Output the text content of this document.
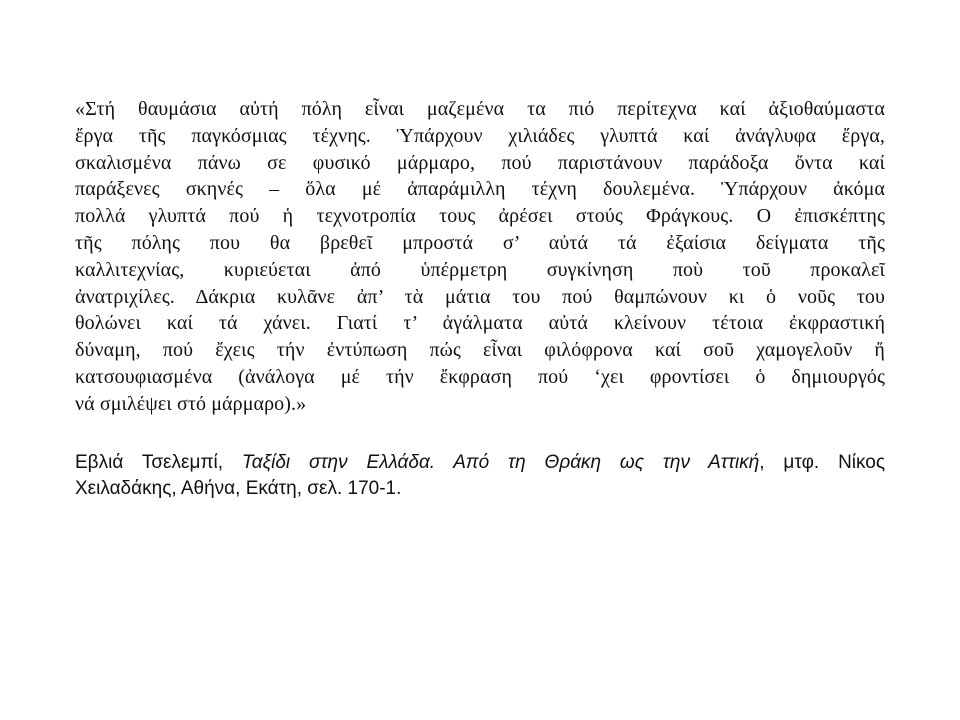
«Στή θαυμάσια αὐτή πόλη εἶναι μαζεμένα τα πιό περίτεχνα καί ἀξιοθαύμαστα
ἔργα τῆς παγκόσμιας τέχνης. Ὑπάρχουν χιλιάδες γλυπτά καί ἀνάγλυφα ἔργα,
σκαλισμένα πάνω σε φυσικό μάρμαρο, πού παριστάνουν παράδοξα ὄντα καί
παράξενες σκηνές – ὅλα μέ ἀπαράμιλλη τέχνη δουλεμένα. Ὑπάρχουν ἀκόμα
πολλά γλυπτά πού ἡ τεχνοτροπία τους ἀρέσει στούς Φράγκους. Ο ἐπισκέπτης
τῆς πόλης που θα βρεθεῖ μπροστά σ’ αὐτά τά ἐξαίσια δείγματα τῆς
καλλιτεχνίας, κυριεύεται ἀπό ὑπέρμετρη συγκίνηση ποὺ τοῦ προκαλεῖ
ἀνατριχίλες. Δάκρια κυλᾶνε ἀπ’ τὰ μάτια του πού θαμπώνουν κι ὁ νοῦς του
θολώνει καί τά χάνει. Γιατί τ’ ἀγάλματα αὐτά κλείνουν τέτοια ἐκφραστική
δύναμη, πού ἔχεις τήν ἐντύπωση πώς εἶναι φιλόφρονα καί σοῦ χαμογελοῦν ἤ
κατσουφιασμένα (ἀνάλογα μέ τήν ἔκφραση πού ‘χει φροντίσει ὁ δημιουργός
νά σμιλέψει στό μάρμαρο).»

Εβλιά Τσελεμπί, Ταξίδι στην Ελλάδα. Από τη Θράκη ως την Αττική, μτφ. Νίκος
Χειλαδάκης, Αθήνα, Εκάτη, σελ. 170-1.
